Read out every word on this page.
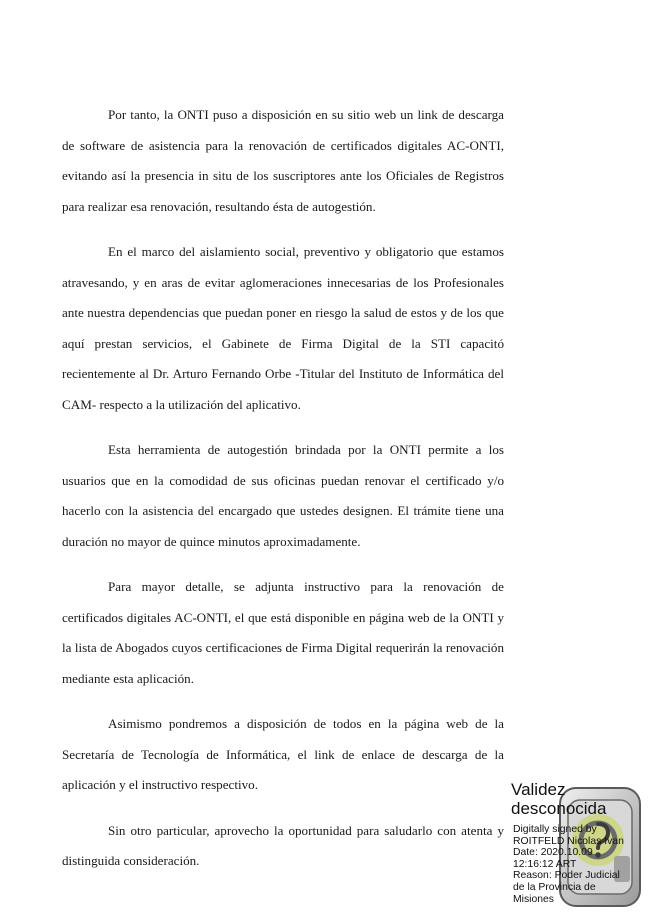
Por tanto, la ONTI puso a disposición en su sitio web un link de descarga de software de asistencia para la renovación de certificados digitales AC-ONTI, evitando así la presencia in situ de los suscriptores ante los Oficiales de Registros para realizar esa renovación, resultando ésta de autogestión.

En el marco del aislamiento social, preventivo y obligatorio que estamos atravesando, y en aras de evitar aglomeraciones innecesarias de los Profesionales ante nuestra dependencias que puedan poner en riesgo la salud de estos y de los que aquí prestan servicios, el Gabinete de Firma Digital de la STI capacitó recientemente al Dr. Arturo Fernando Orbe -Titular del Instituto de Informática del CAM- respecto a la utilización del aplicativo.

Esta herramienta de autogestión brindada por la ONTI permite a los usuarios que en la comodidad de sus oficinas puedan renovar el certificado y/o hacerlo con la asistencia del encargado que ustedes designen. El trámite tiene una duración no mayor de quince minutos aproximadamente.

Para mayor detalle, se adjunta instructivo para la renovación de certificados digitales AC-ONTI, el que está disponible en página web de la ONTI y la lista de Abogados cuyos certificaciones de Firma Digital requerirán la renovación mediante esta aplicación.

Asimismo pondremos a disposición de todos en la página web de la Secretaría de Tecnología de Informática, el link de enlace de descarga de la aplicación y el instructivo respectivo.

Sin otro particular, aprovecho la oportunidad para saludarlo con atenta y distinguida consideración.

Validez
desconocida
Digitally signed by
ROITFELD Nicolas Ivan
Date: 2020.10.09
12:16:12 ART
Reason: Poder Judicial
de la Provincia de
Misiones
